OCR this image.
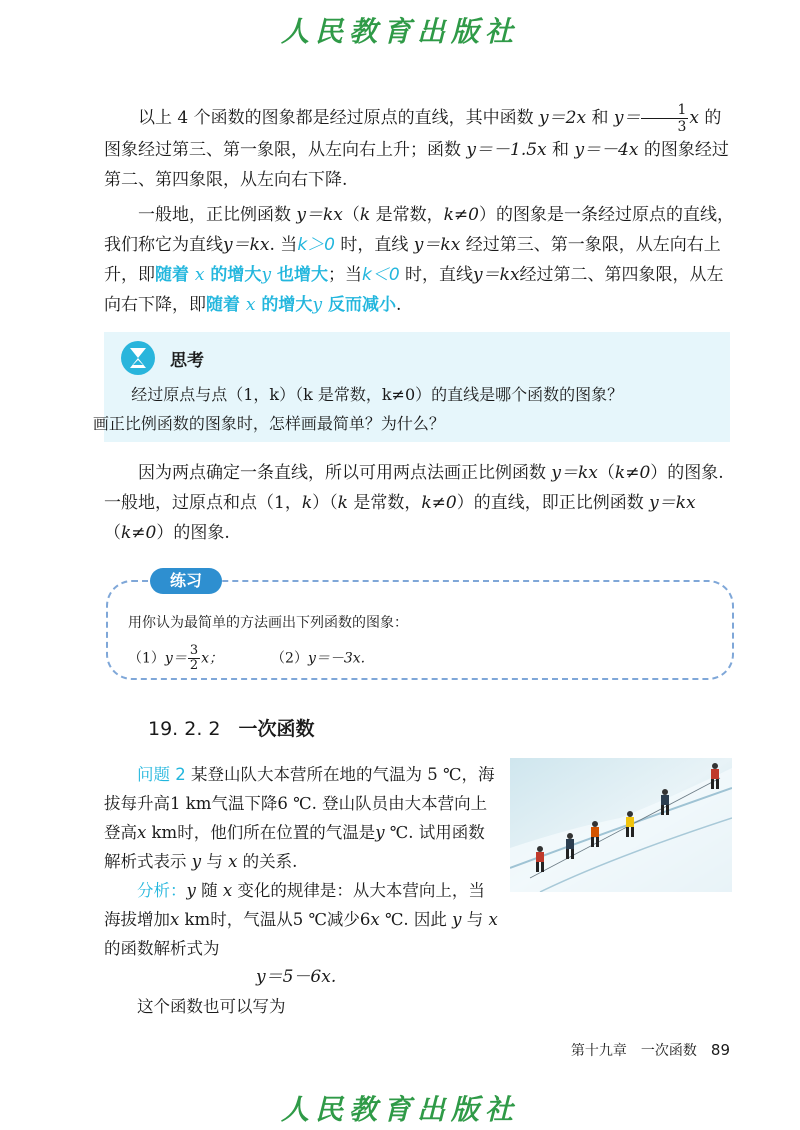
人民教育出版社

以上 4 个函数的图象都是经过原点的直线，其中函数 y＝2x 和 $y= \frac{1}{3}$ x 的图象经过第三、第一象限，从左向右上升；函数 y＝－1.5x 和 y＝－4x 的图象经过第二、第四象限，从左向右下降.

一般地，正比例函数 y＝kx（k 是常数，k≠0）的图象是一条经过原点的直线，我们称它为直线y＝kx. 当k＞0 时，直线 y＝kx 经过第三、第一象限，从左向右上升，即随着 x 的增大y 也增大；当k＜0 时，直线y＝kx经过第二、第四象限，从左向右下降，即随着 x 的增大y 反而减小.

思考

经过原点与点（1，k）（k 是常数，k≠0）的直线是哪个函数的图象？
画正比例函数的图象时，怎样画最简单？为什么？

因为两点确定一条直线，所以可用两点法画正比例函数 y＝kx（k≠0）的图象. 一般地，过原点和点（1，k）（k 是常数，k≠0）的直线，即正比例函数 y＝kx（k≠0）的图象.

练习

用你认为最简单的方法画出下列函数的图象：

$(1)y= \frac{3}{2}$ x；	（2）y＝－3x.

19. 2. 2 一次函数

问题 2 某登山队大本营所在地的气温为 5 ℃，海拔每升高1 km气温下降6 ℃. 登山队员由大本营向上登高x km时，他们所在位置的气温是y ℃. 试用函数解析式表示 y 与 x 的关系.

分析：y 随 x 变化的规律是：从大本营向上，当海拔增加x km时，气温从5 ℃减少6x ℃. 因此 y 与 x 的函数解析式为

y＝5－6x.

这个函数也可以写为

第十九章　一次函数 89
人民教育出版社
